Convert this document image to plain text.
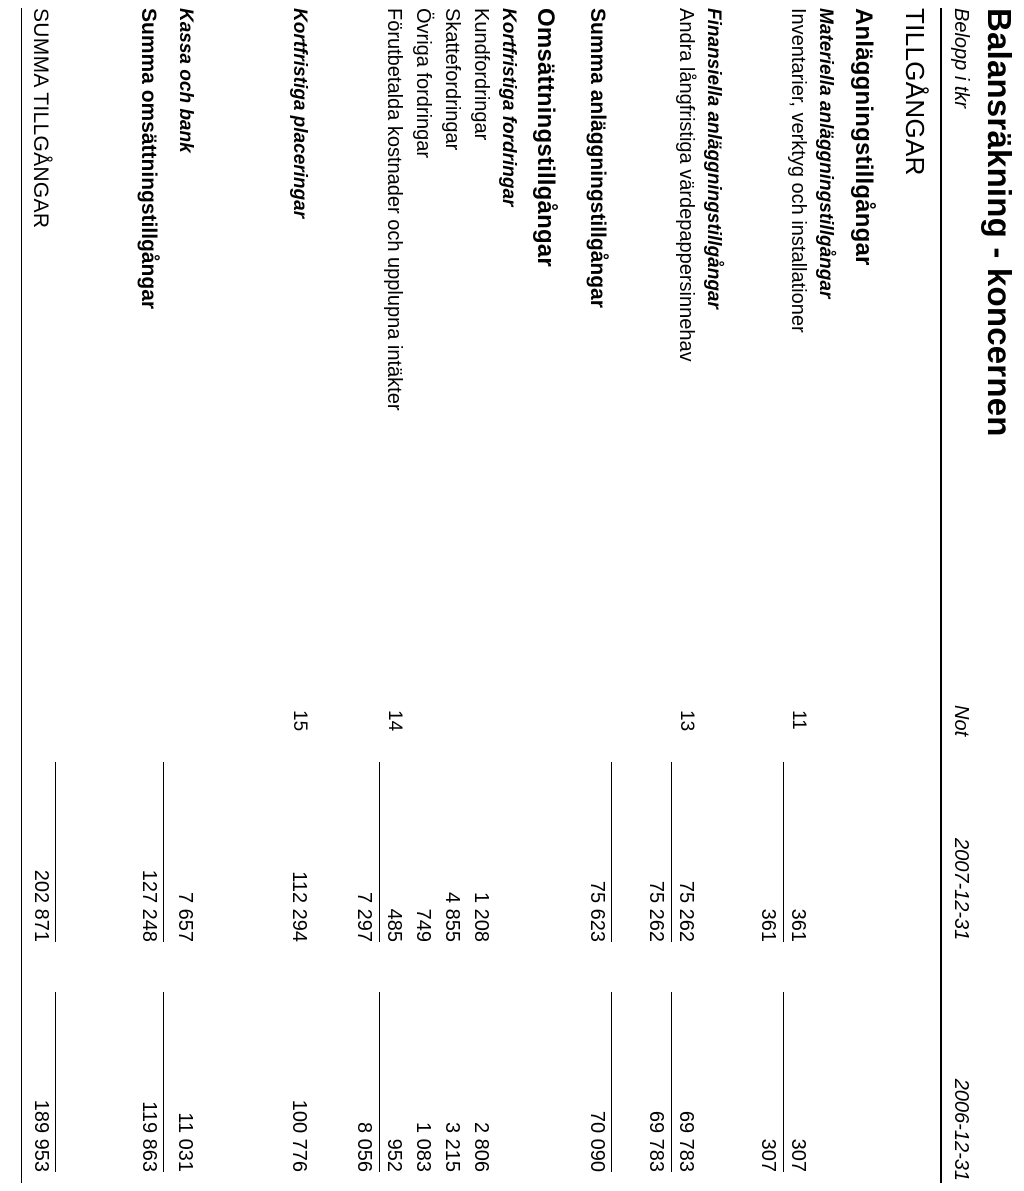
Balansräkning - koncernen
Belopp i tkr
Not
2007-12-31
2006-12-31
TILLGÅNGAR
Anläggningstillgångar
Materiella anläggningstillgångar
Inventarier, verktyg och installationer
11
361
307
361
307
Finansiella anläggningstillgångar
Andra långfristiga värdepappersinnehav
13
75 262
69 783
75 262
69 783
Summa anläggningstillgångar
75 623
70 090
Omsättningstillgångar
Kortfristiga fordringar
Kundfordringar
1 208
2 806
Skattefordringar
4 855
3 215
Övriga fordringar
749
1 083
Förutbetalda kostnader och upplupna intäkter
14
485
952
7 297
8 056
Kortfristiga placeringar
15
112 294
100 776
Kassa och bank
7 657
11 031
Summa omsättningstillgångar
127 248
119 863
SUMMA TILLGÅNGAR
202 871
189 953
